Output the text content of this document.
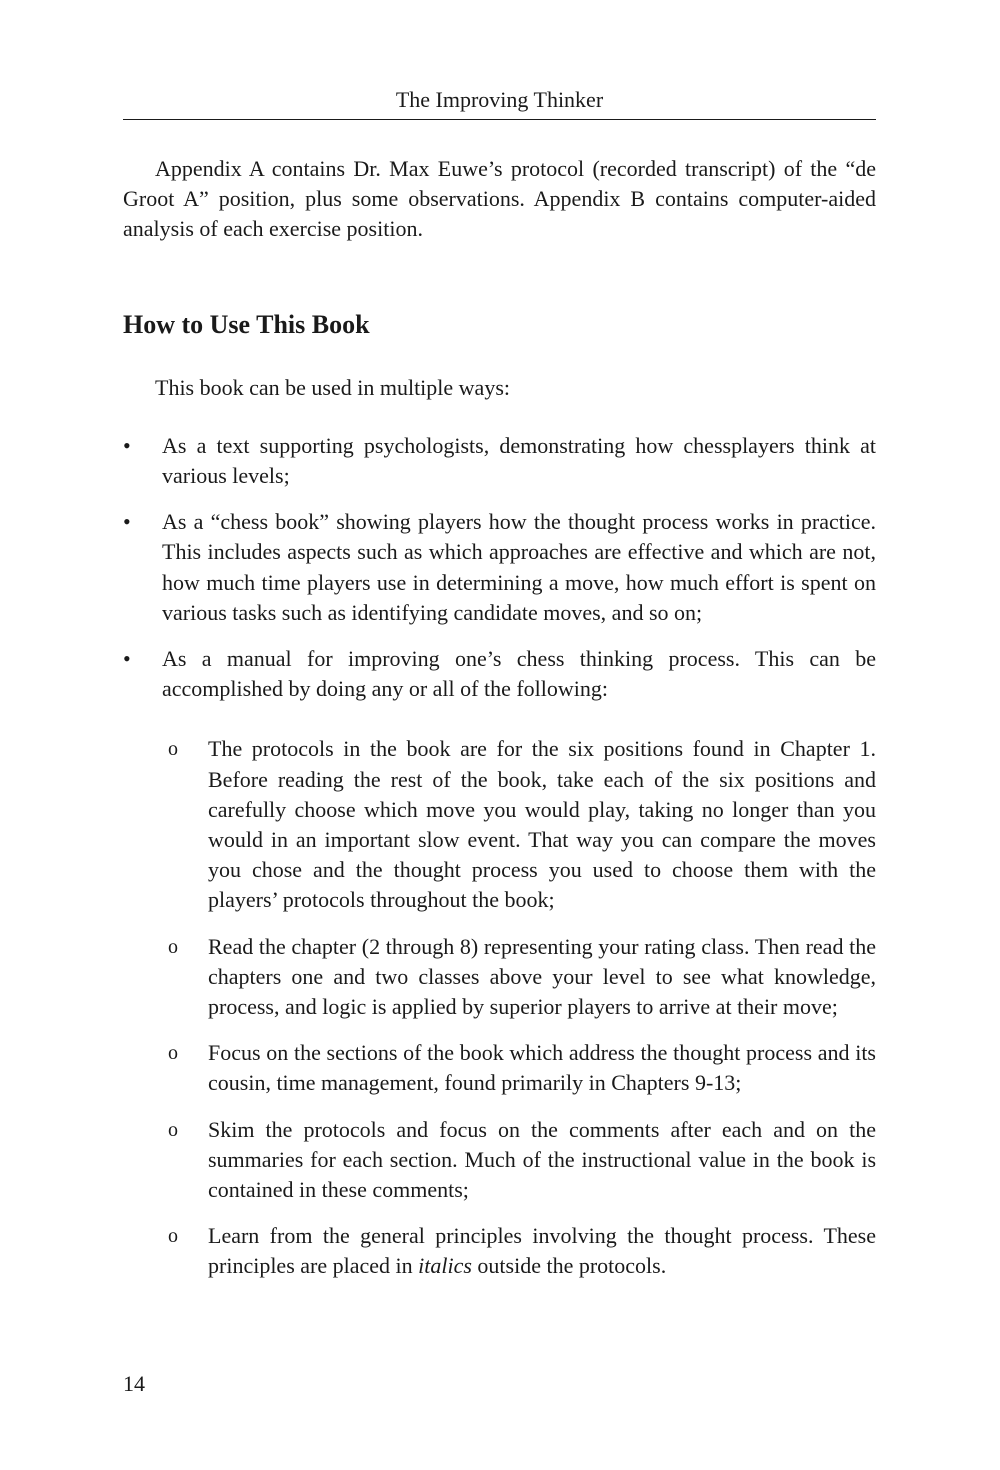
The Improving Thinker

Appendix A contains Dr. Max Euwe’s protocol (recorded transcript) of the “de Groot A” position, plus some observations. Appendix B contains computer-aided analysis of each exercise position.

How to Use This Book

This book can be used in multiple ways:

• As a text supporting psychologists, demonstrating how chessplayers think at various levels;
• As a “chess book” showing players how the thought process works in practice. This includes aspects such as which approaches are effective and which are not, how much time players use in determining a move, how much effort is spent on various tasks such as identifying candidate moves, and so on;
• As a manual for improving one’s chess thinking process. This can be accomplished by doing any or all of the following:
o The protocols in the book are for the six positions found in Chapter 1. Before reading the rest of the book, take each of the six positions and carefully choose which move you would play, taking no longer than you would in an important slow event. That way you can compare the moves you chose and the thought process you used to choose them with the players’ protocols throughout the book;
o Read the chapter (2 through 8) representing your rating class. Then read the chapters one and two classes above your level to see what knowledge, process, and logic is applied by superior players to arrive at their move;
o Focus on the sections of the book which address the thought process and its cousin, time management, found primarily in Chapters 9-13;
o Skim the protocols and focus on the comments after each and on the summaries for each section. Much of the instructional value in the book is contained in these comments;
o Learn from the general principles involving the thought process. These principles are placed in italics outside the protocols.
14
